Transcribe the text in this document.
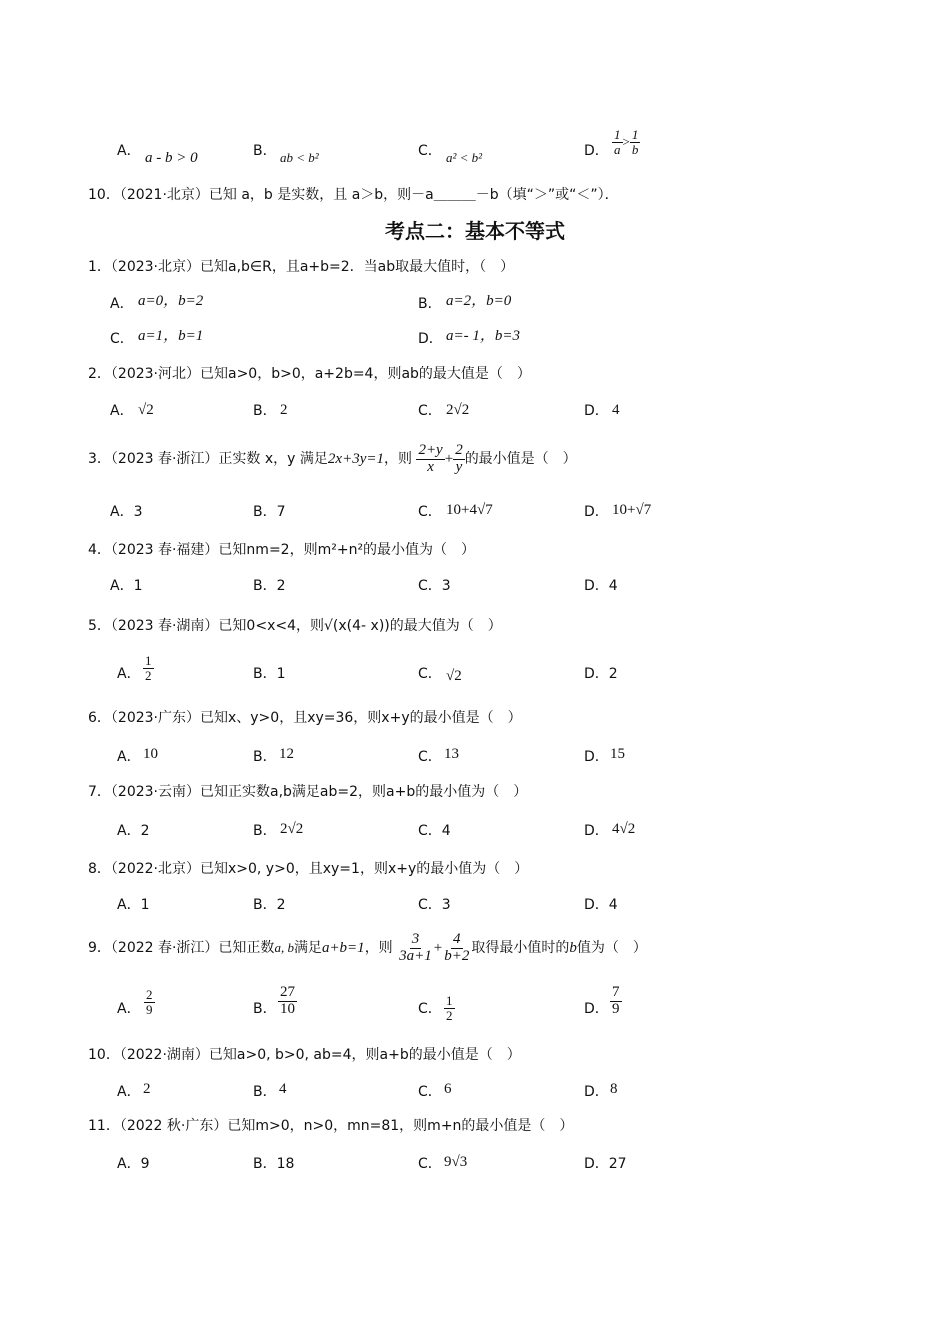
A． a - b > 0	B． ab < b²	C． a² < b²	D． $\frac{1}{a} > \frac{1}{b}$
10．（2021·北京）已知 a，b 是实数，且 a＞b，则－a＿＿＿－b（填“＞”或“＜”）．
考点二：基本不等式
1．（2023·北京）已知a,b∈R，且a+b=2．当ab取最大值时，（　）
A． a=0，b=2	B． a=2，b=0
C． a=1，b=1	D． a=- 1，b=3
2．（2023·河北）已知a>0，b>0，a+2b=4，则ab的最大值是（　）
A． √2	B． 2	C． 2√2	D． 4
3．（2023 春·浙江）正实数 x，y 满足2x+3y=1，则 $\frac{2+y}{x} + \frac{2}{y}$ 的最小值是（　）
A．3	B．7	C． 10+4√7	D． 10+√7
4．（2023 春·福建）已知nm=2，则m²+n²的最小值为（　）
A．1	B．2	C．3	D．4
5．（2023 春·湖南）已知0<x<4，则√(x(4- x))的最大值为（　）
A． $\frac{1}{2}$	B．1	C． √2	D．2
6．（2023·广东）已知x、y>0，且xy=36，则x+y的最小值是（　）
A． 10	B． 12	C． 13	D． 15
7．（2023·云南）已知正实数a,b满足ab=2，则a+b的最小值为（　）
A．2	B． 2√2	C．4	D． 4√2
8．（2022·北京）已知x>0, y>0，且xy=1，则x+y的最小值为（　）
A．1	B．2	C．3	D．4
9．（2022 春·浙江）已知正数a, b满足a+b=1，则 $\frac{3}{3a+1} + \frac{4}{b+2}$ 取得最小值时的b值为（　）
A． $\frac{2}{9}$	B． $\frac{27}{10}$	C． $\frac{1}{2}$	D． $\frac{7}{9}$
10．（2022·湖南）已知a>0, b>0, ab=4，则a+b的最小值是（　）
A． 2	B． 4	C． 6	D． 8
11．（2022 秋·广东）已知m>0，n>0，mn=81，则m+n的最小值是（　）
A．9	B．18	C． 9√3	D．27
